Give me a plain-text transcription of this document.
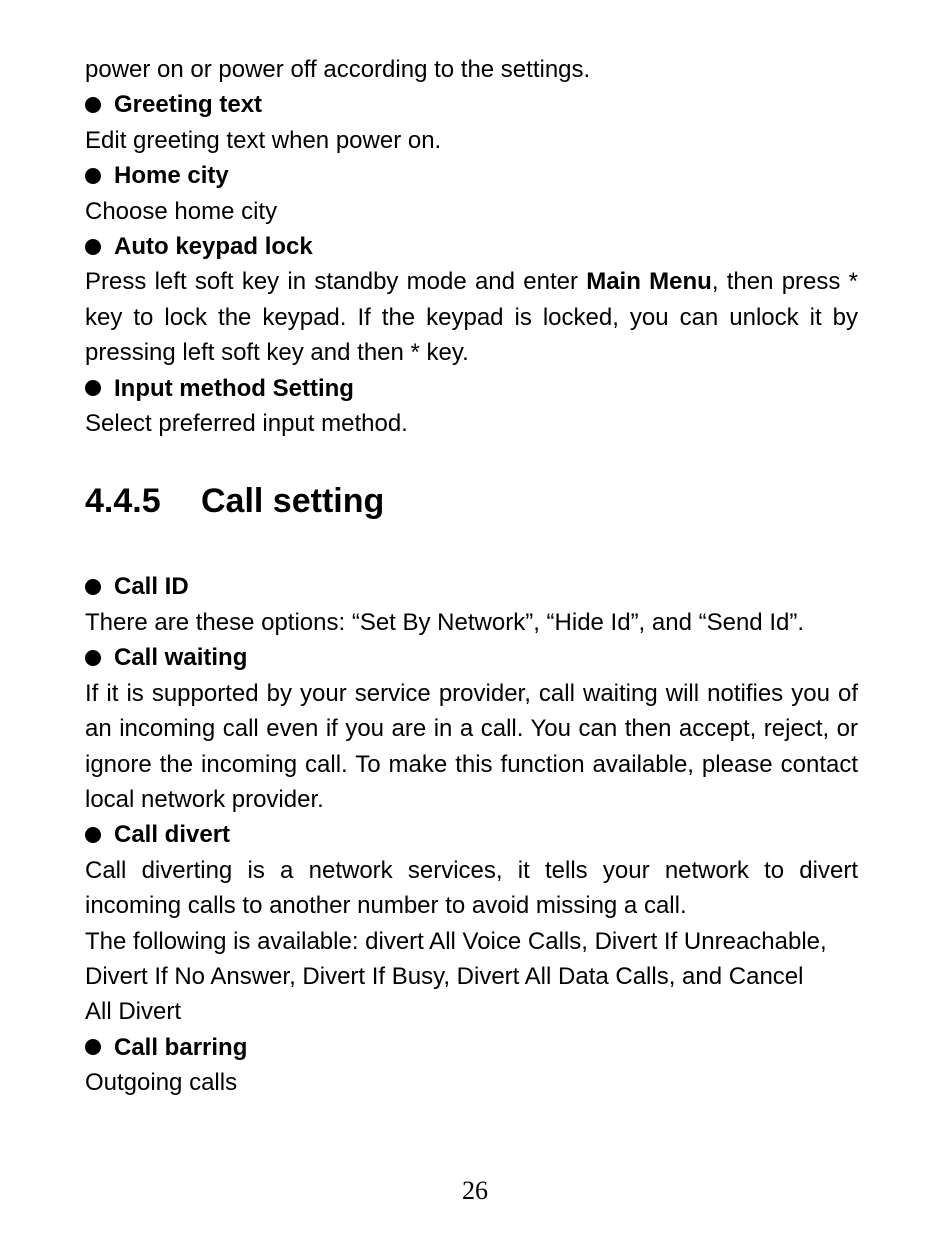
power on or power off according to the settings.

Greeting text

Edit greeting text when power on.

Home city

Choose home city

Auto keypad lock

Press left soft key in standby mode and enter Main Menu, then press * key to lock the keypad. If the keypad is locked, you can unlock it by pressing left soft key and then * key.

Input method Setting

Select preferred input method.

4.4.5	Call setting
Call ID

There are these options: “Set By Network”, “Hide Id”, and “Send Id”.

Call waiting

If it is supported by your service provider, call waiting will notifies you of an incoming call even if you are in a call. You can then accept, reject, or ignore the incoming call. To make this function available, please contact local network provider.

Call divert

Call diverting is a network services, it tells your network to divert incoming calls to another number to avoid missing a call.

The following is available: divert All Voice Calls, Divert If Unreachable, Divert If No Answer, Divert If Busy, Divert All Data Calls, and Cancel All Divert

Call barring

Outgoing calls

26
